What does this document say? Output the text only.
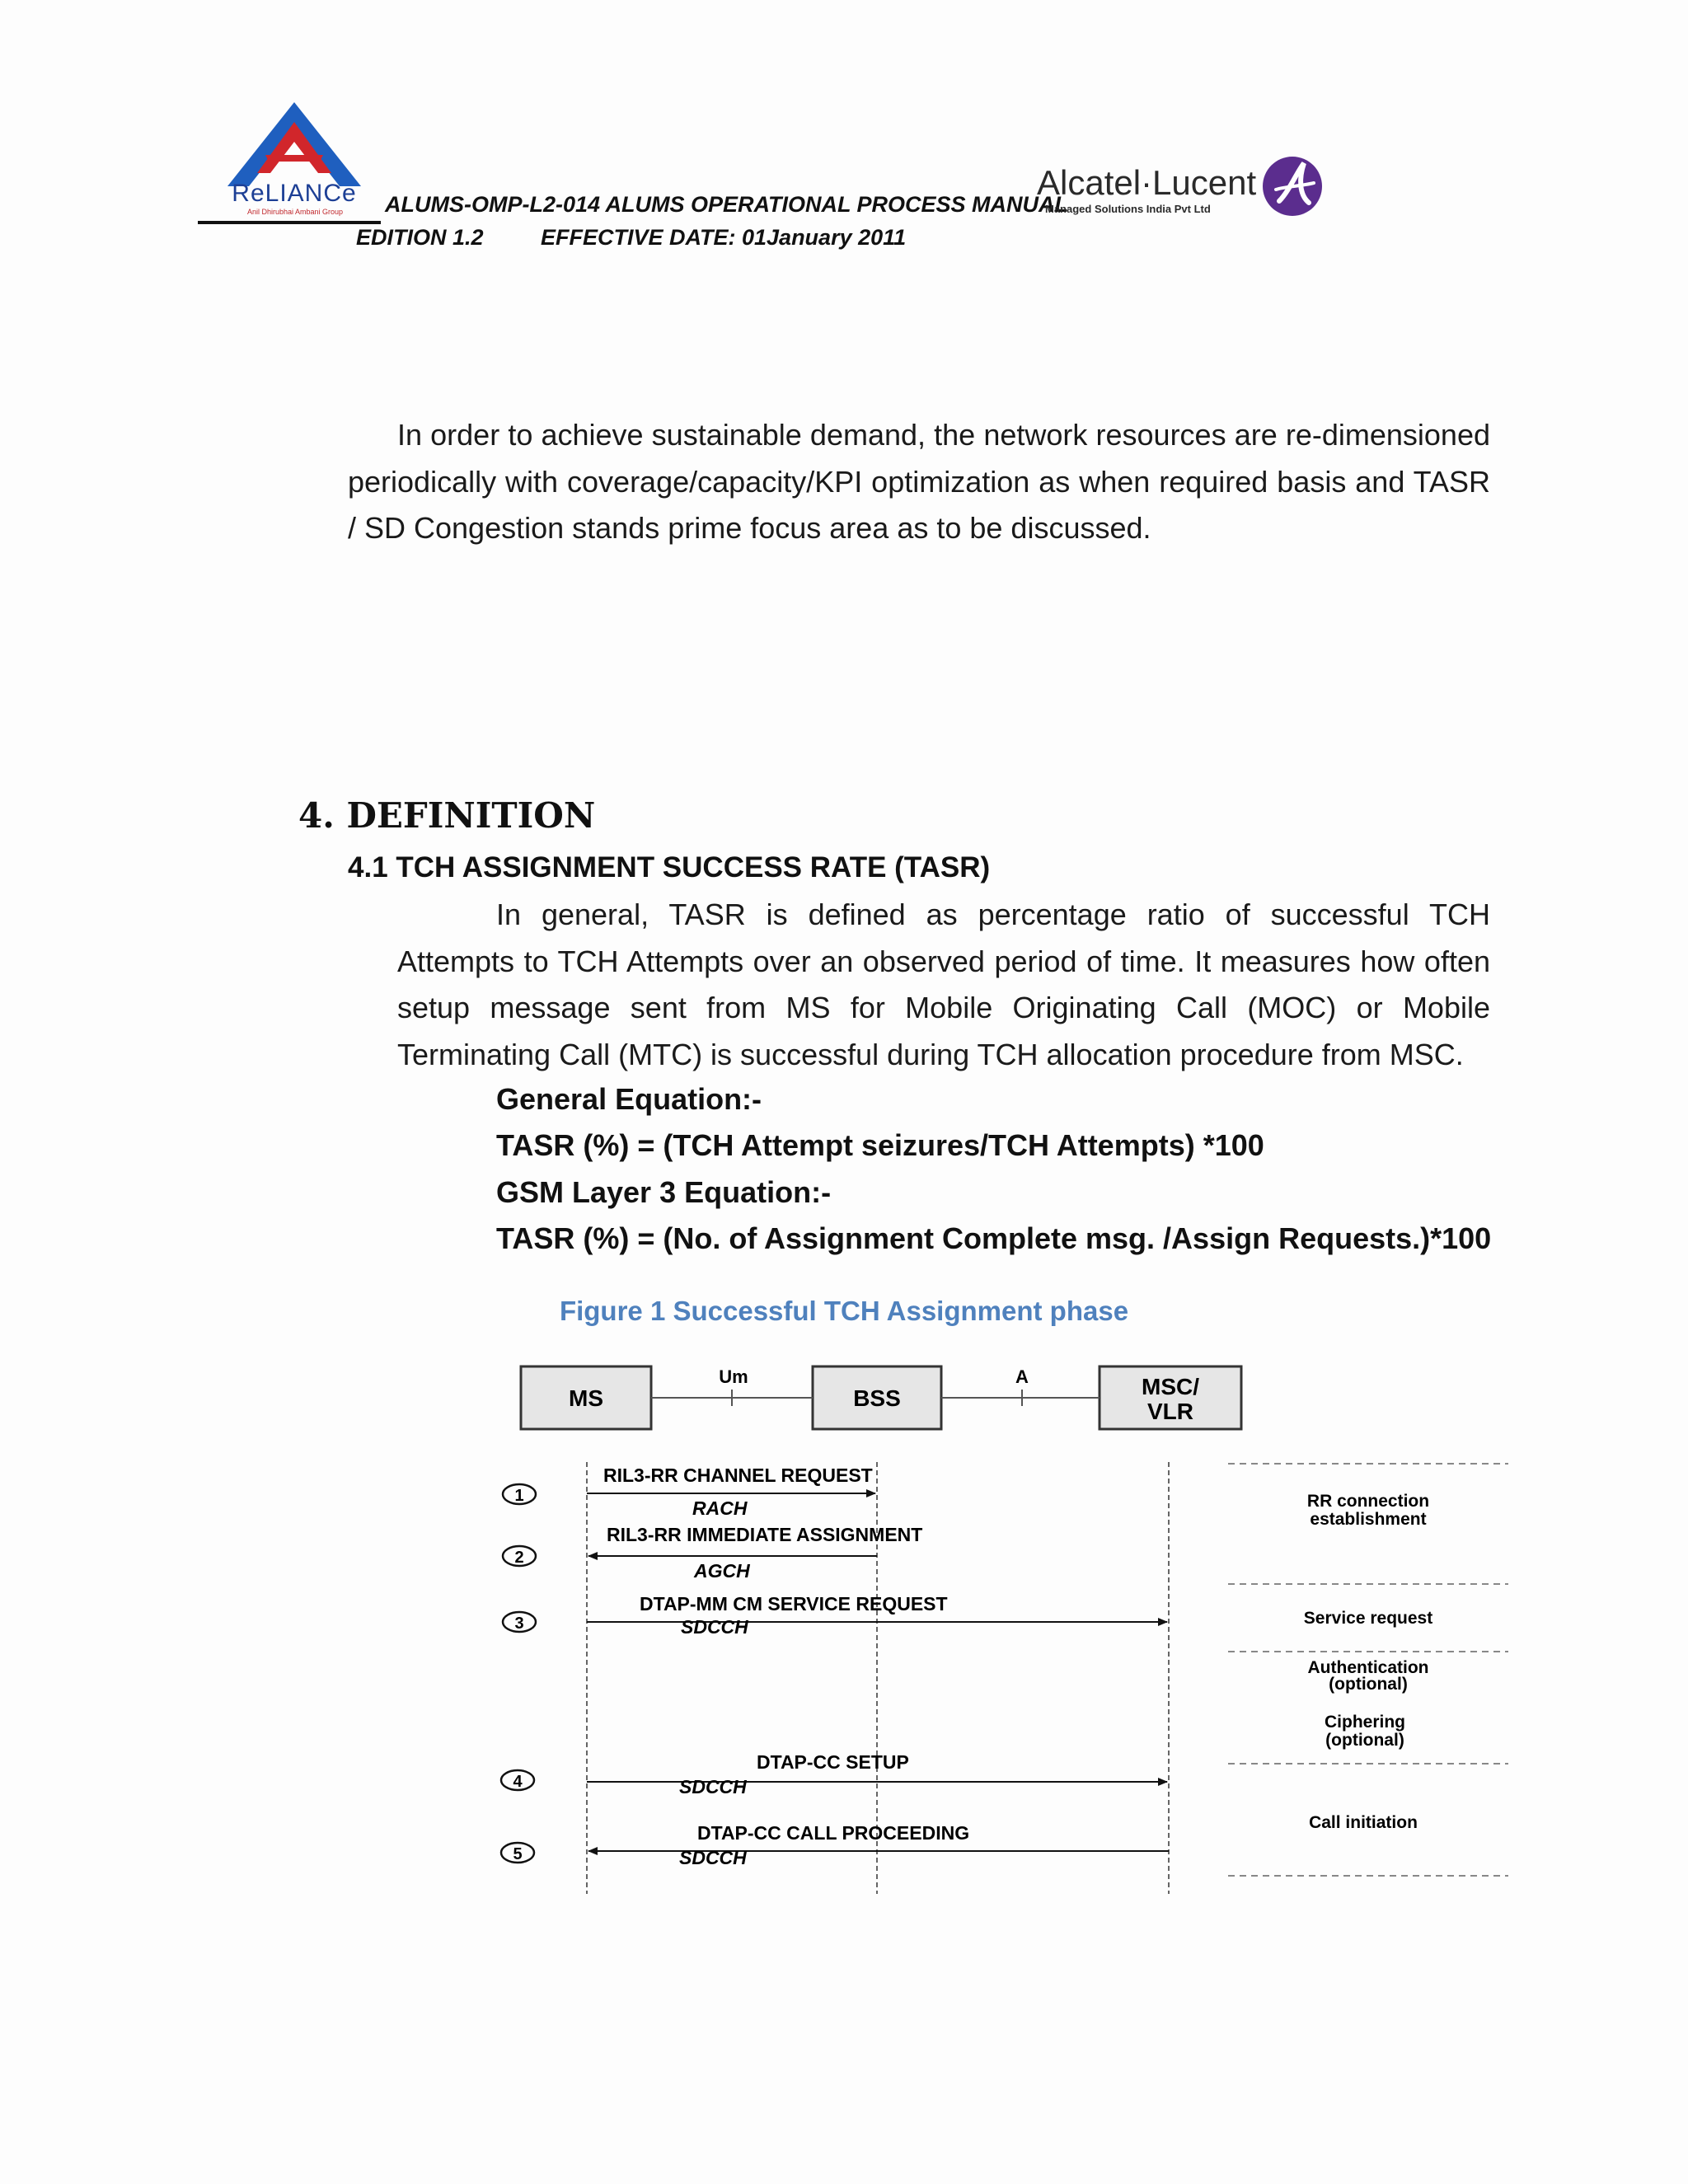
ReLIANCe
Anil Dhirubhai Ambani Group	ALUMS-OMP-L2-014 ALUMS OPERATIONAL PROCESS MANUAL
EDITION 1.2	EFFECTIVE DATE: 01January 2011
Alcatel·Lucent
Managed Solutions India Pvt Ltd
In order to achieve sustainable demand, the network resources are re-dimensioned periodically with coverage/capacity/KPI optimization as when required basis and TASR / SD Congestion stands prime focus area as to be discussed.
4. DEFINITION
4.1 TCH ASSIGNMENT SUCCESS RATE (TASR)
In general, TASR is defined as percentage ratio of successful TCH Attempts to TCH Attempts over an observed period of time. It measures how often setup message sent from MS for Mobile Originating Call (MOC) or Mobile Terminating Call (MTC) is successful during TCH allocation procedure from MSC.
General Equation:-
TASR (%) = (TCH Attempt seizures/TCH Attempts) *100
GSM Layer 3 Equation:-
TASR (%) = (No. of Assignment Complete msg. /Assign Requests.)*100
Figure 1 Successful TCH Assignment phase
MS	BSS	MSC/
VLR
Um	A
1
RIL3-RR CHANNEL REQUEST
RACH
2
RIL3-RR IMMEDIATE ASSIGNMENT
AGCH
3
DTAP-MM CM SERVICE REQUEST
SDCCH
4
DTAP-CC SETUP
SDCCH
5
DTAP-CC CALL PROCEEDING
SDCCH
RR connection
establishment
Service request
Authentication
(optional)
Ciphering
(optional)
Call initiation
